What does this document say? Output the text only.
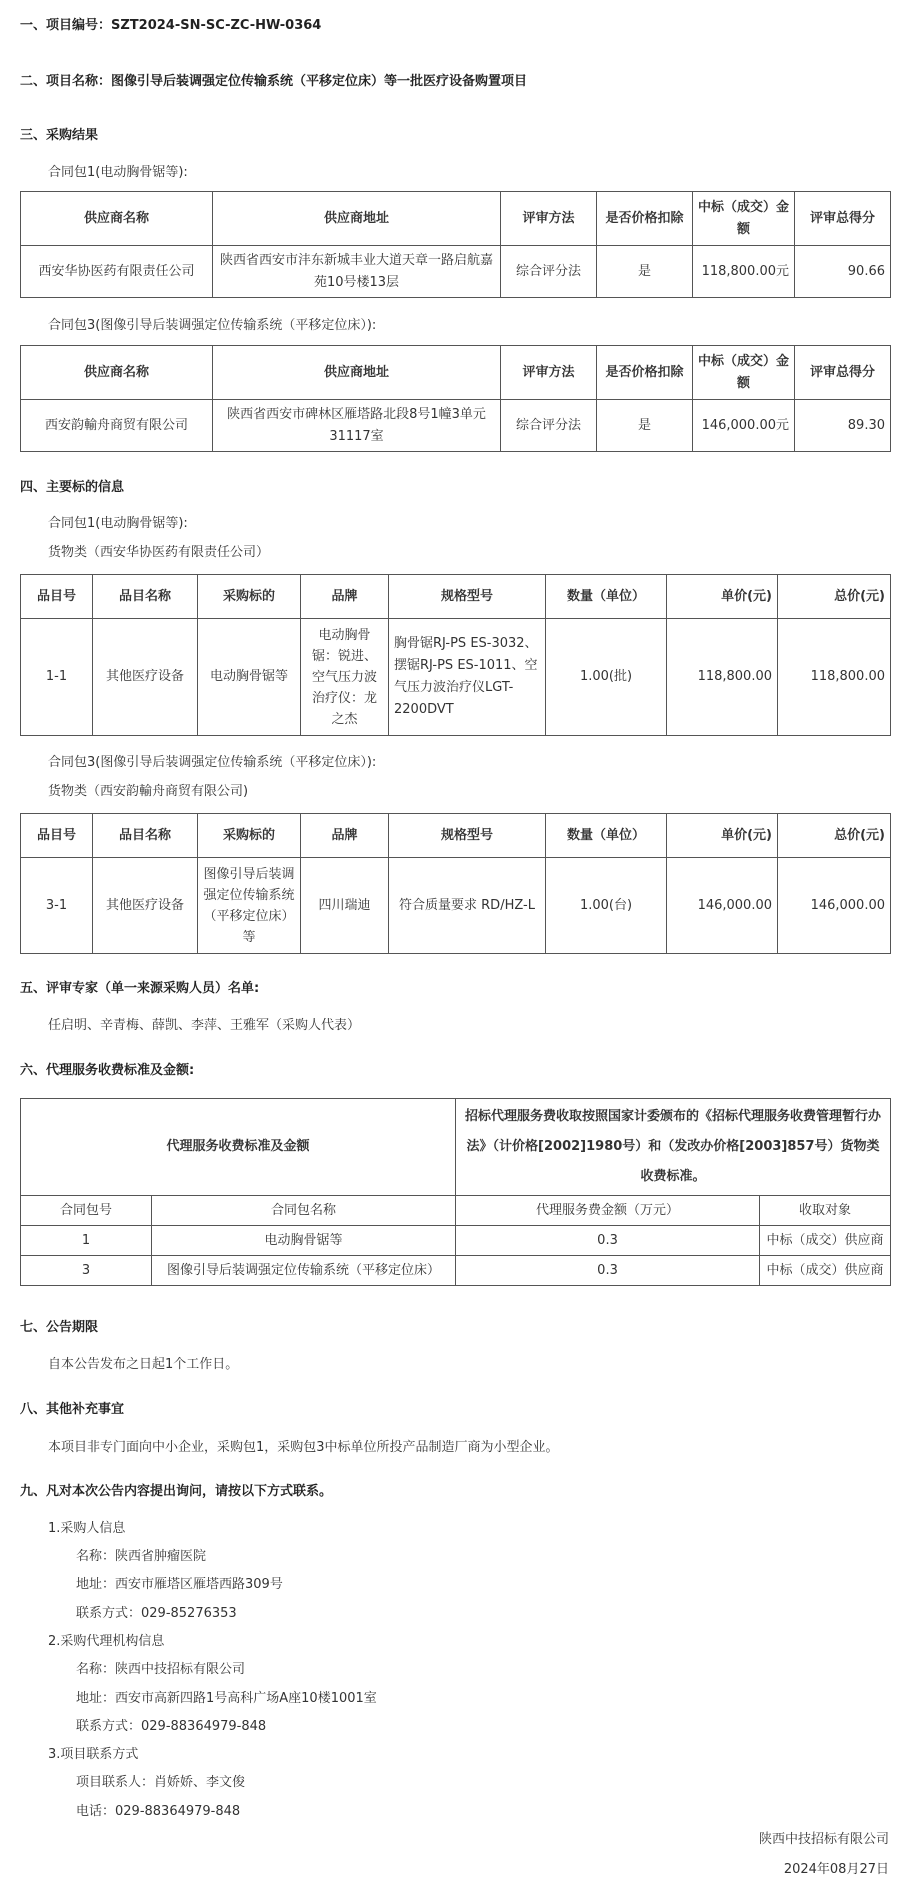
一、项目编号：SZT2024-SN-SC-ZC-HW-0364
二、项目名称：图像引导后装调强定位传输系统（平移定位床）等一批医疗设备购置项目
三、采购结果
合同包1(电动胸骨锯等):
供应商名称	供应商地址	评审方法	是否价格扣除	中标（成交）金额	评审总得分
西安华协医药有限责任公司	陕西省西安市沣东新城丰业大道天章一路启航嘉苑10号楼13层	综合评分法	是	118,800.00元	90.66
合同包3(图像引导后装调强定位传输系统（平移定位床）):
供应商名称	供应商地址	评审方法	是否价格扣除	中标（成交）金额	评审总得分
西安韵輸舟商贸有限公司	陕西省西安市碑林区雁塔路北段8号1幢3单元31117室	综合评分法	是	146,000.00元	89.30
四、主要标的信息
合同包1(电动胸骨锯等):
货物类（西安华协医药有限责任公司）
品目号	品目名称	采购标的	品牌	规格型号	数量（单位）	单价(元)	总价(元)
1-1	其他医疗设备	电动胸骨锯等	电动胸骨锯：锐进、空气压力波治疗仪：龙之杰	胸骨锯RJ-PS ES-3032、摆锯RJ-PS ES-1011、空气压力波治疗仪LGT-2200DVT	1.00(批)	118,800.00	118,800.00
合同包3(图像引导后装调强定位传输系统（平移定位床）):
货物类（西安韵輸舟商贸有限公司)
品目号	品目名称	采购标的	品牌	规格型号	数量（单位）	单价(元)	总价(元)
3-1	其他医疗设备	图像引导后装调强定位传输系统（平移定位床）等	四川瑞迪	符合质量要求 RD/HZ-L	1.00(台)	146,000.00	146,000.00
五、评审专家（单一来源采购人员）名单:
任启明、辛青梅、薛凯、李萍、王雅军（采购人代表）
六、代理服务收费标准及金额:
代理服务收费标准及金额		招标代理服务费收取按照国家计委颁布的《招标代理服务收费管理暂行办法》（计价格[2002]1980号）和（发改办价格[2003]857号）货物类收费标准。	
合同包号	合同包名称	代理服务费金额（万元）	收取对象
1	电动胸骨锯等	0.3	中标（成交）供应商
3	图像引导后装调强定位传输系统（平移定位床）	0.3	中标（成交）供应商
七、公告期限
自本公告发布之日起1个工作日。
八、其他补充事宜
本项目非专门面向中小企业，采购包1，采购包3中标单位所投产品制造厂商为小型企业。
九、凡对本次公告内容提出询问，请按以下方式联系。
1.采购人信息
名称：陕西省肿瘤医院
地址：西安市雁塔区雁塔西路309号
联系方式：029-85276353
2.采购代理机构信息
名称：陕西中技招标有限公司
地址：西安市高新四路1号高科广场A座10楼1001室
联系方式：029-88364979-848
3.项目联系方式
项目联系人：肖娇娇、李文俊
电话：029-88364979-848
陕西中技招标有限公司
2024年08月27日
